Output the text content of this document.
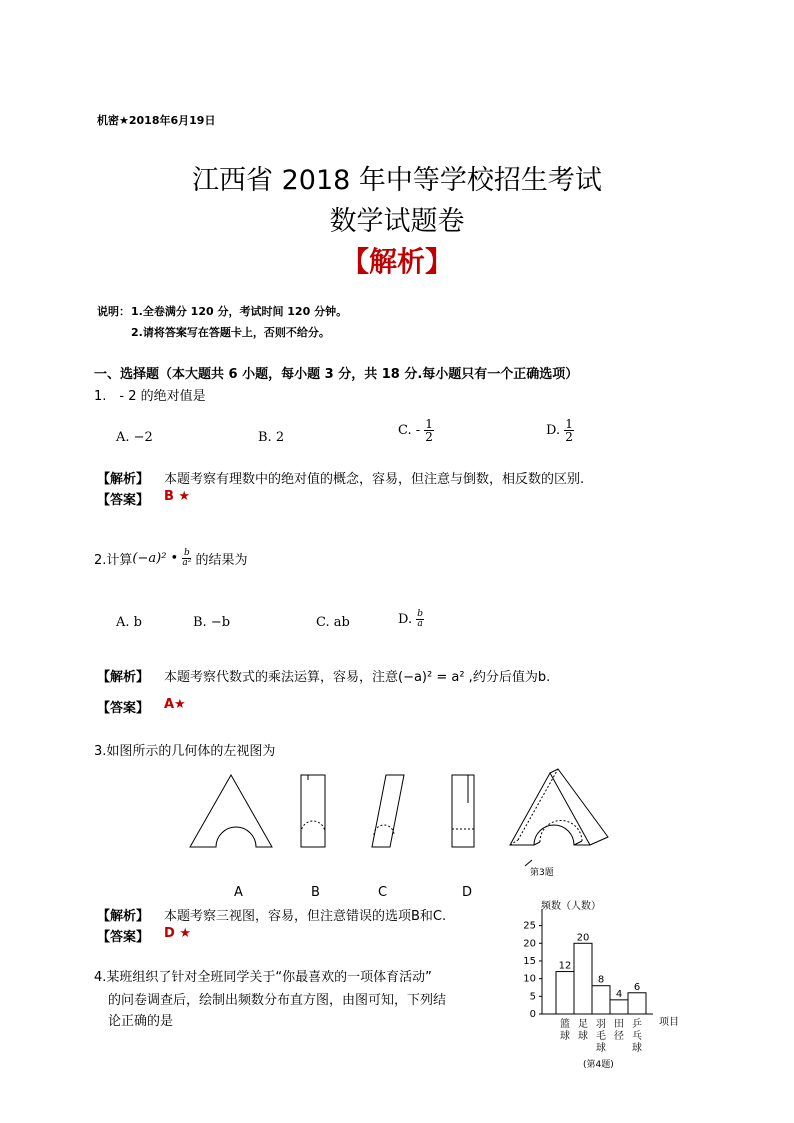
机密★2018年6月19日
江西省 2018 年中等学校招生考试
数学试题卷
【解析】
说明： 1.全卷满分 120 分，考试时间 120 分钟。
2.请将答案写在答题卡上，否则不给分。
一、选择题（本大题共 6 小题，每小题 3 分，共 18 分.每小题只有一个正确选项）
1.　- 2 的绝对值是
A. −2	B. 2	C. - $\frac{1}{2}$	D. $\frac{1}{2}$
【解析】 本题考察有理数中的绝对值的概念，容易，但注意与倒数，相反数的区别.
【答案】 B ★
2.计算(−a)² • $\frac{b}{\text{a²}}$ 的结果为
A. b	B. −b	C. ab	D. $\frac{b}{a}$
【解析】 本题考察代数式的乘法运算，容易，注意(−a)² = a² ,约分后值为b.
【答案】 A★
3.如图所示的几何体的左视图为
第3题
A	B	C	D
【解析】 本题考察三视图，容易，但注意错误的选项B和C.
【答案】 D ★
4.某班组织了针对全班同学关于“你最喜欢的一项体育活动”
的问卷调查后，绘制出频数分布直方图，由图可知，下列结
论正确的是
频数（人数）
项目
(第4题)
0
5
10
15
20
25
12
篮
球
20
足
球
8
羽
毛
球
4
田
径
6
乒
乓
球
